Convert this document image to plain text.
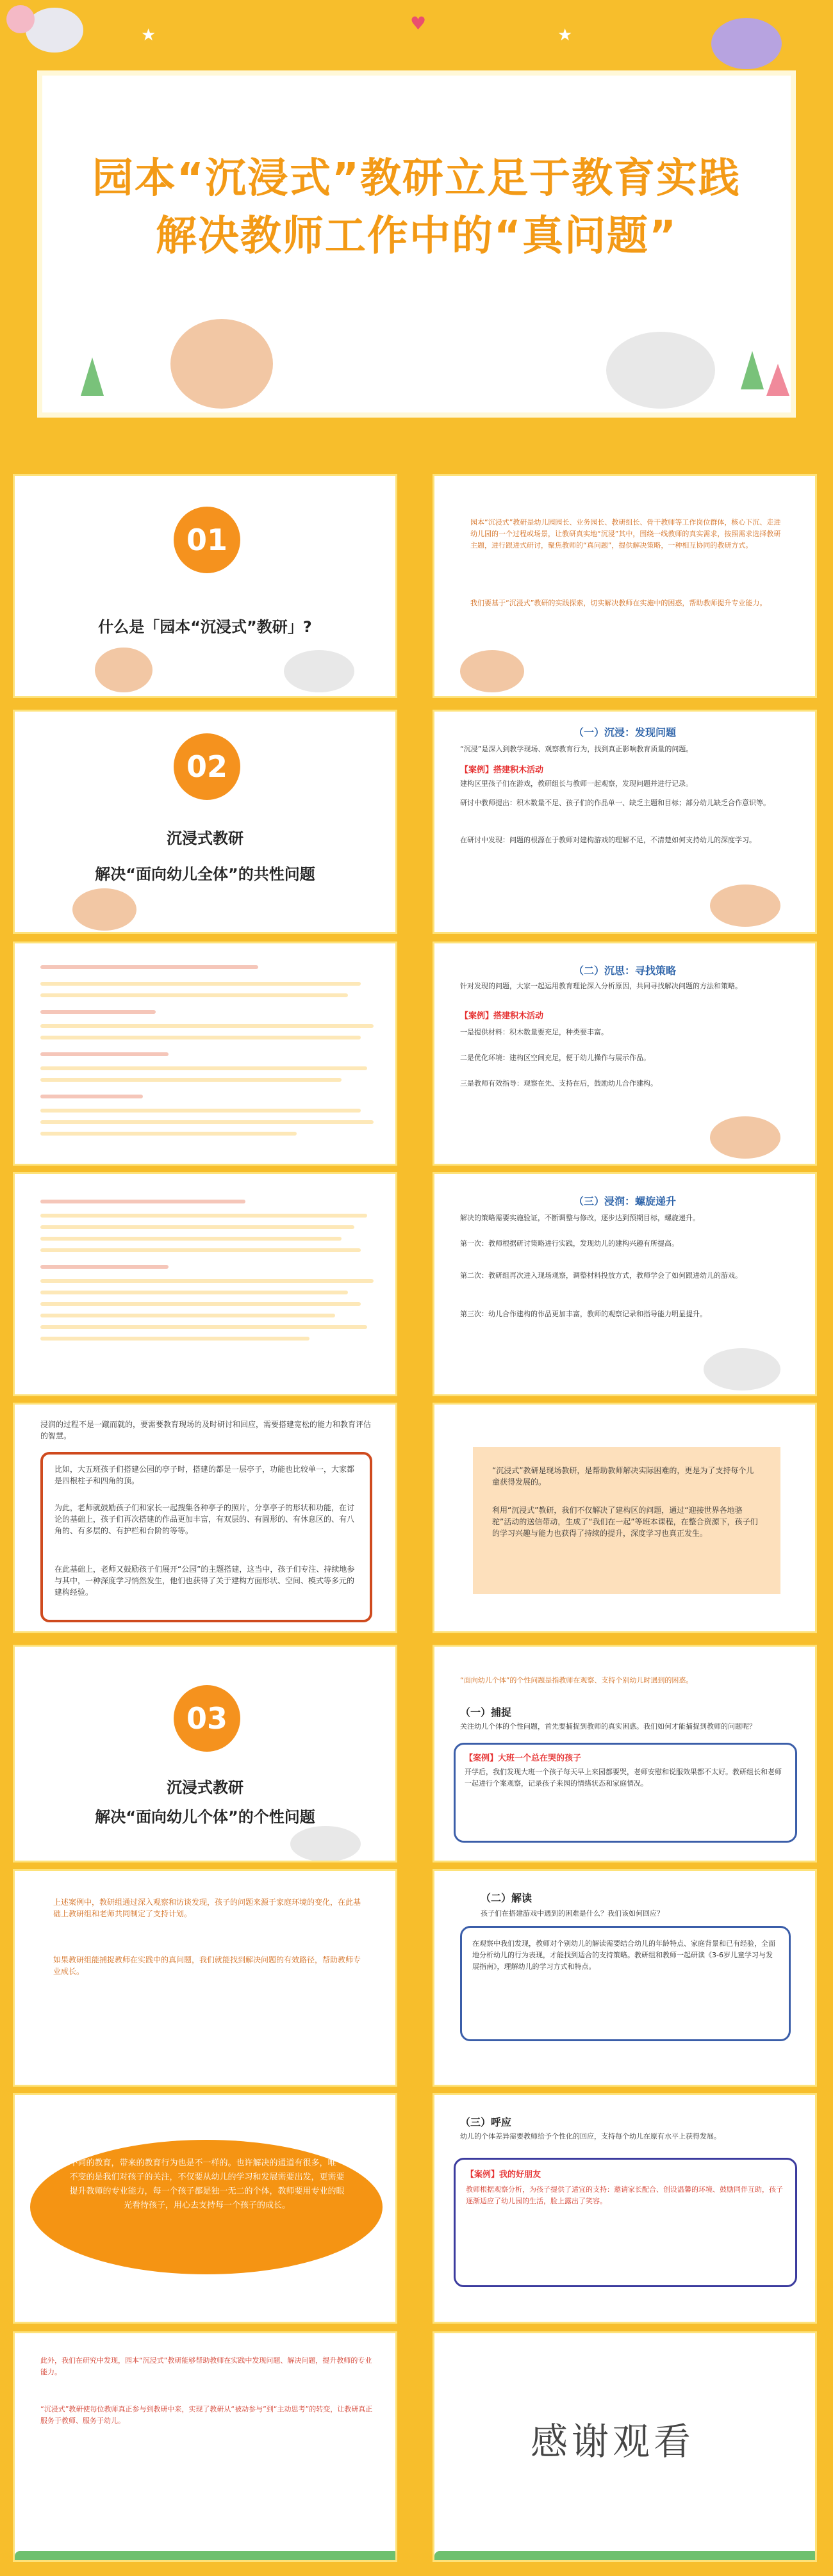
♥
★
★
园本“沉浸式”教研立足于教育实践
解决教师工作中的“真问题”
01
什么是「园本“沉浸式”教研」?
园本“沉浸式”教研是幼儿园园长、业务园长、教研组长、骨干教师等工作岗位群体，核心下沉、走进幼儿园的一个过程或场景，让教研真实地“沉浸”其中，围绕一线教师的真实需求，按照需求选择教研主题，进行跟进式研讨，聚焦教师的“真问题”，提供解决策略，一种相互协同的教研方式。
我们要基于“沉浸式”教研的实践探索，切实解决教师在实施中的困惑，帮助教师提升专业能力。
02
沉浸式教研
解决“面向幼儿全体”的共性问题
（一）沉浸：发现问题
“沉浸”是深入到教学现场、观察教育行为，找到真正影响教育质量的问题。
【案例】搭建积木活动
建构区里孩子们在游戏，教研组长与教师一起观察，发现问题并进行记录。
研讨中教师提出：积木数量不足、孩子们的作品单一、缺乏主题和目标；部分幼儿缺乏合作意识等。
在研讨中发现：问题的根源在于教师对建构游戏的理解不足，不清楚如何支持幼儿的深度学习。
（二）沉思：寻找策略
针对发现的问题，大家一起运用教育理论深入分析原因，共同寻找解决问题的方法和策略。
【案例】搭建积木活动
一是提供材料：积木数量要充足，种类要丰富。
二是优化环境：建构区空间充足，便于幼儿操作与展示作品。
三是教师有效指导：观察在先、支持在后，鼓励幼儿合作建构。
（三）浸润：螺旋递升
解决的策略需要实施验证，不断调整与修改，逐步达到预期目标，螺旋递升。
第一次：教师根据研讨策略进行实践，发现幼儿的建构兴趣有所提高。
第二次：教研组再次进入现场观察，调整材料投放方式，教师学会了如何跟进幼儿的游戏。
第三次：幼儿合作建构的作品更加丰富，教师的观察记录和指导能力明显提升。
浸润的过程不是一蹴而就的，要需要教育现场的及时研讨和回应，需要搭建宽松的能力和教育评估的智慧。
比如，大五班孩子们搭建公园的亭子时，搭建的都是一层亭子，功能也比较单一，大家都是四根柱子和四角的顶。
为此，老师就鼓励孩子们和家长一起搜集各种亭子的照片，分享亭子的形状和功能，在讨论的基础上，孩子们再次搭建的作品更加丰富，有双层的、有圆形的、有休息区的、有八角的、有多层的、有护栏和台阶的等等。
在此基础上，老师又鼓励孩子们展开“公园”的主题搭建，这当中，孩子们专注、持续地参与其中，一种深度学习悄然发生，他们也获得了关于建构方面形状、空间、模式等多元的建构经验。
“沉浸式”教研是现场教研，是帮助教师解决实际困难的，更是为了支持每个儿童获得发展的。
利用“沉浸式”教研，我们不仅解决了建构区的问题，通过“迎接世界各地骆驼”活动的送信带动，生成了“我们在一起”等班本课程，在整合资源下，孩子们的学习兴趣与能力也获得了持续的提升，深度学习也真正发生。
03
沉浸式教研
解决“面向幼儿个体”的个性问题
“面向幼儿个体”的个性问题是指教师在观察、支持个别幼儿时遇到的困惑。
（一）捕捉
关注幼儿个体的个性问题，首先要捕捉到教师的真实困惑。我们如何才能捕捉到教师的问题呢？
【案例】大班一个总在哭的孩子
开学后，我们发现大班一个孩子每天早上来园都要哭，老师安慰和说服效果都不太好。教研组长和老师一起进行个案观察，记录孩子来园的情绪状态和家庭情况。
上述案例中，教研组通过深入观察和访谈发现，孩子的问题来源于家庭环境的变化，在此基础上教研组和老师共同制定了支持计划。
如果教研组能捕捉教师在实践中的真问题，我们就能找到解决问题的有效路径，帮助教师专业成长。
（二）解读
孩子们在搭建游戏中遇到的困难是什么？我们该如何回应？
在观察中我们发现，教师对个别幼儿的解读需要结合幼儿的年龄特点、家庭背景和已有经验，全面地分析幼儿的行为表现，才能找到适合的支持策略。教研组和教师一起研读《3-6岁儿童学习与发展指南》，理解幼儿的学习方式和特点。
不同的教育，带来的教育行为也是不一样的。也许解决的通道有很多，唯一不变的是我们对孩子的关注，不仅要从幼儿的学习和发展需要出发，更需要提升教师的专业能力，每一个孩子都是独一无二的个体，教师要用专业的眼光看待孩子，用心去支持每一个孩子的成长。
（三）呼应
幼儿的个体差异需要教师给予个性化的回应，支持每个幼儿在原有水平上获得发展。
【案例】我的好朋友
教师根据观察分析，为孩子提供了适宜的支持：邀请家长配合、创设温馨的环境、鼓励同伴互助，孩子逐渐适应了幼儿园的生活，脸上露出了笑容。
此外，我们在研究中发现，园本“沉浸式”教研能够帮助教师在实践中发现问题、解决问题，提升教师的专业能力。
“沉浸式”教研使每位教师真正参与到教研中来，实现了教研从“被动参与”到“主动思考”的转变，让教研真正服务于教师、服务于幼儿。	感谢观看
